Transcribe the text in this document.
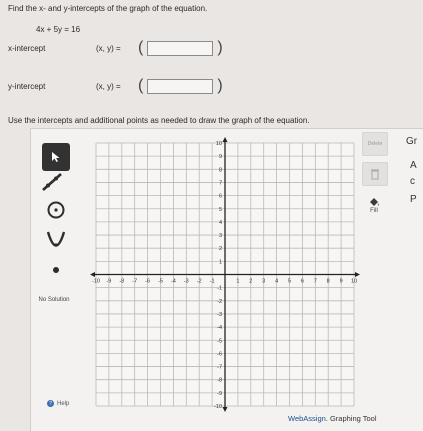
Find the x- and y-intercepts of the graph of the equation.
4x + 5y = 16
x-intercept	(x, y) =	(	)
y-intercept	(x, y) =	(	)
Use the intercepts and additional points as needed to draw the graph of the equation.
No Solution
? Help
-10 -9 -8 -7 -6 -5 -4 -3 -2 -1	1 2 3 4 5 6 7 8 9 10
10
9
8
7
6
5
4
3
2
1
-1
-2
-3
-4
-5
-6
-7
-8
-9
-10
Delete
Fill
Gr
A
c
P
WebAssign. Graphing Tool
